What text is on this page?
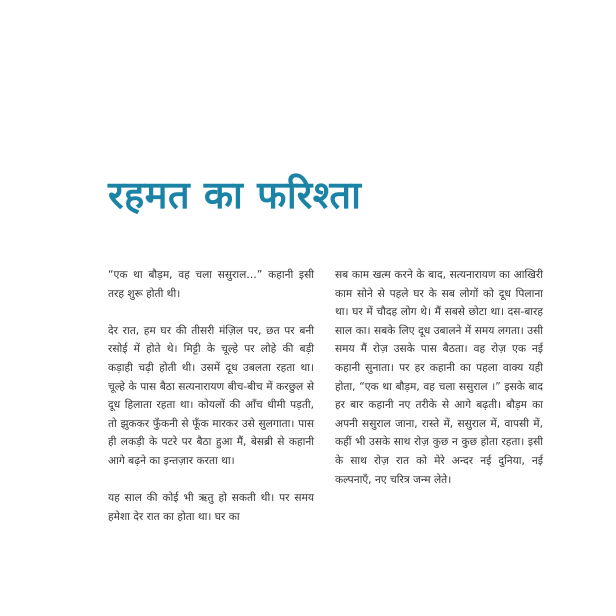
रहमत का फरिश्ता

“एक था बौड़म, वह चला ससुराल…” कहानी इसी तरह शुरू होती थी।

देर रात, हम घर की तीसरी मंज़िल पर, छत पर बनी रसोई में होते थे। मिट्टी के चूल्हे पर लोहे की बड़ी कड़ाही चढ़ी होती थी। उसमें दूध उबलता रहता था। चूल्हे के पास बैठा सत्यनारायण बीच-बीच में करछुल से दूध हिलाता रहता था। कोयलों की आँच धीमी पड़ती, तो झुककर फुँकनी से फूँक मारकर उसे सुलगाता। पास ही लकड़ी के पटरे पर बैठा हुआ मैं, बेसब्री से कहानी आगे बढ़ने का इन्तज़ार करता था।

यह साल की कोई भी ऋतु हो सकती थी। पर समय हमेशा देर रात का होता था। घर का

सब काम खत्म करने के बाद, सत्यनारायण का आखिरी काम सोने से पहले घर के सब लोगों को दूध पिलाना था। घर में चौदह लोग थे। मैं सबसे छोटा था। दस-बारह साल का। सबके लिए दूध उबालने में समय लगता। उसी समय मैं रोज़ उसके पास बैठता। वह रोज़ एक नई कहानी सुनाता। पर हर कहानी का पहला वाक्य यही होता, “एक था बौड़म, वह चला ससुराल ।” इसके बाद हर बार कहानी नए तरीके से आगे बढ़ती। बौड़म का अपनी ससुराल जाना, रास्ते में, ससुराल में, वापसी में, कहीं भी उसके साथ रोज़ कुछ न कुछ होता रहता। इसी के साथ रोज़ रात को मेरे अन्दर नई दुनिया, नई कल्पनाएँ, नए चरित्र जन्म लेते।
